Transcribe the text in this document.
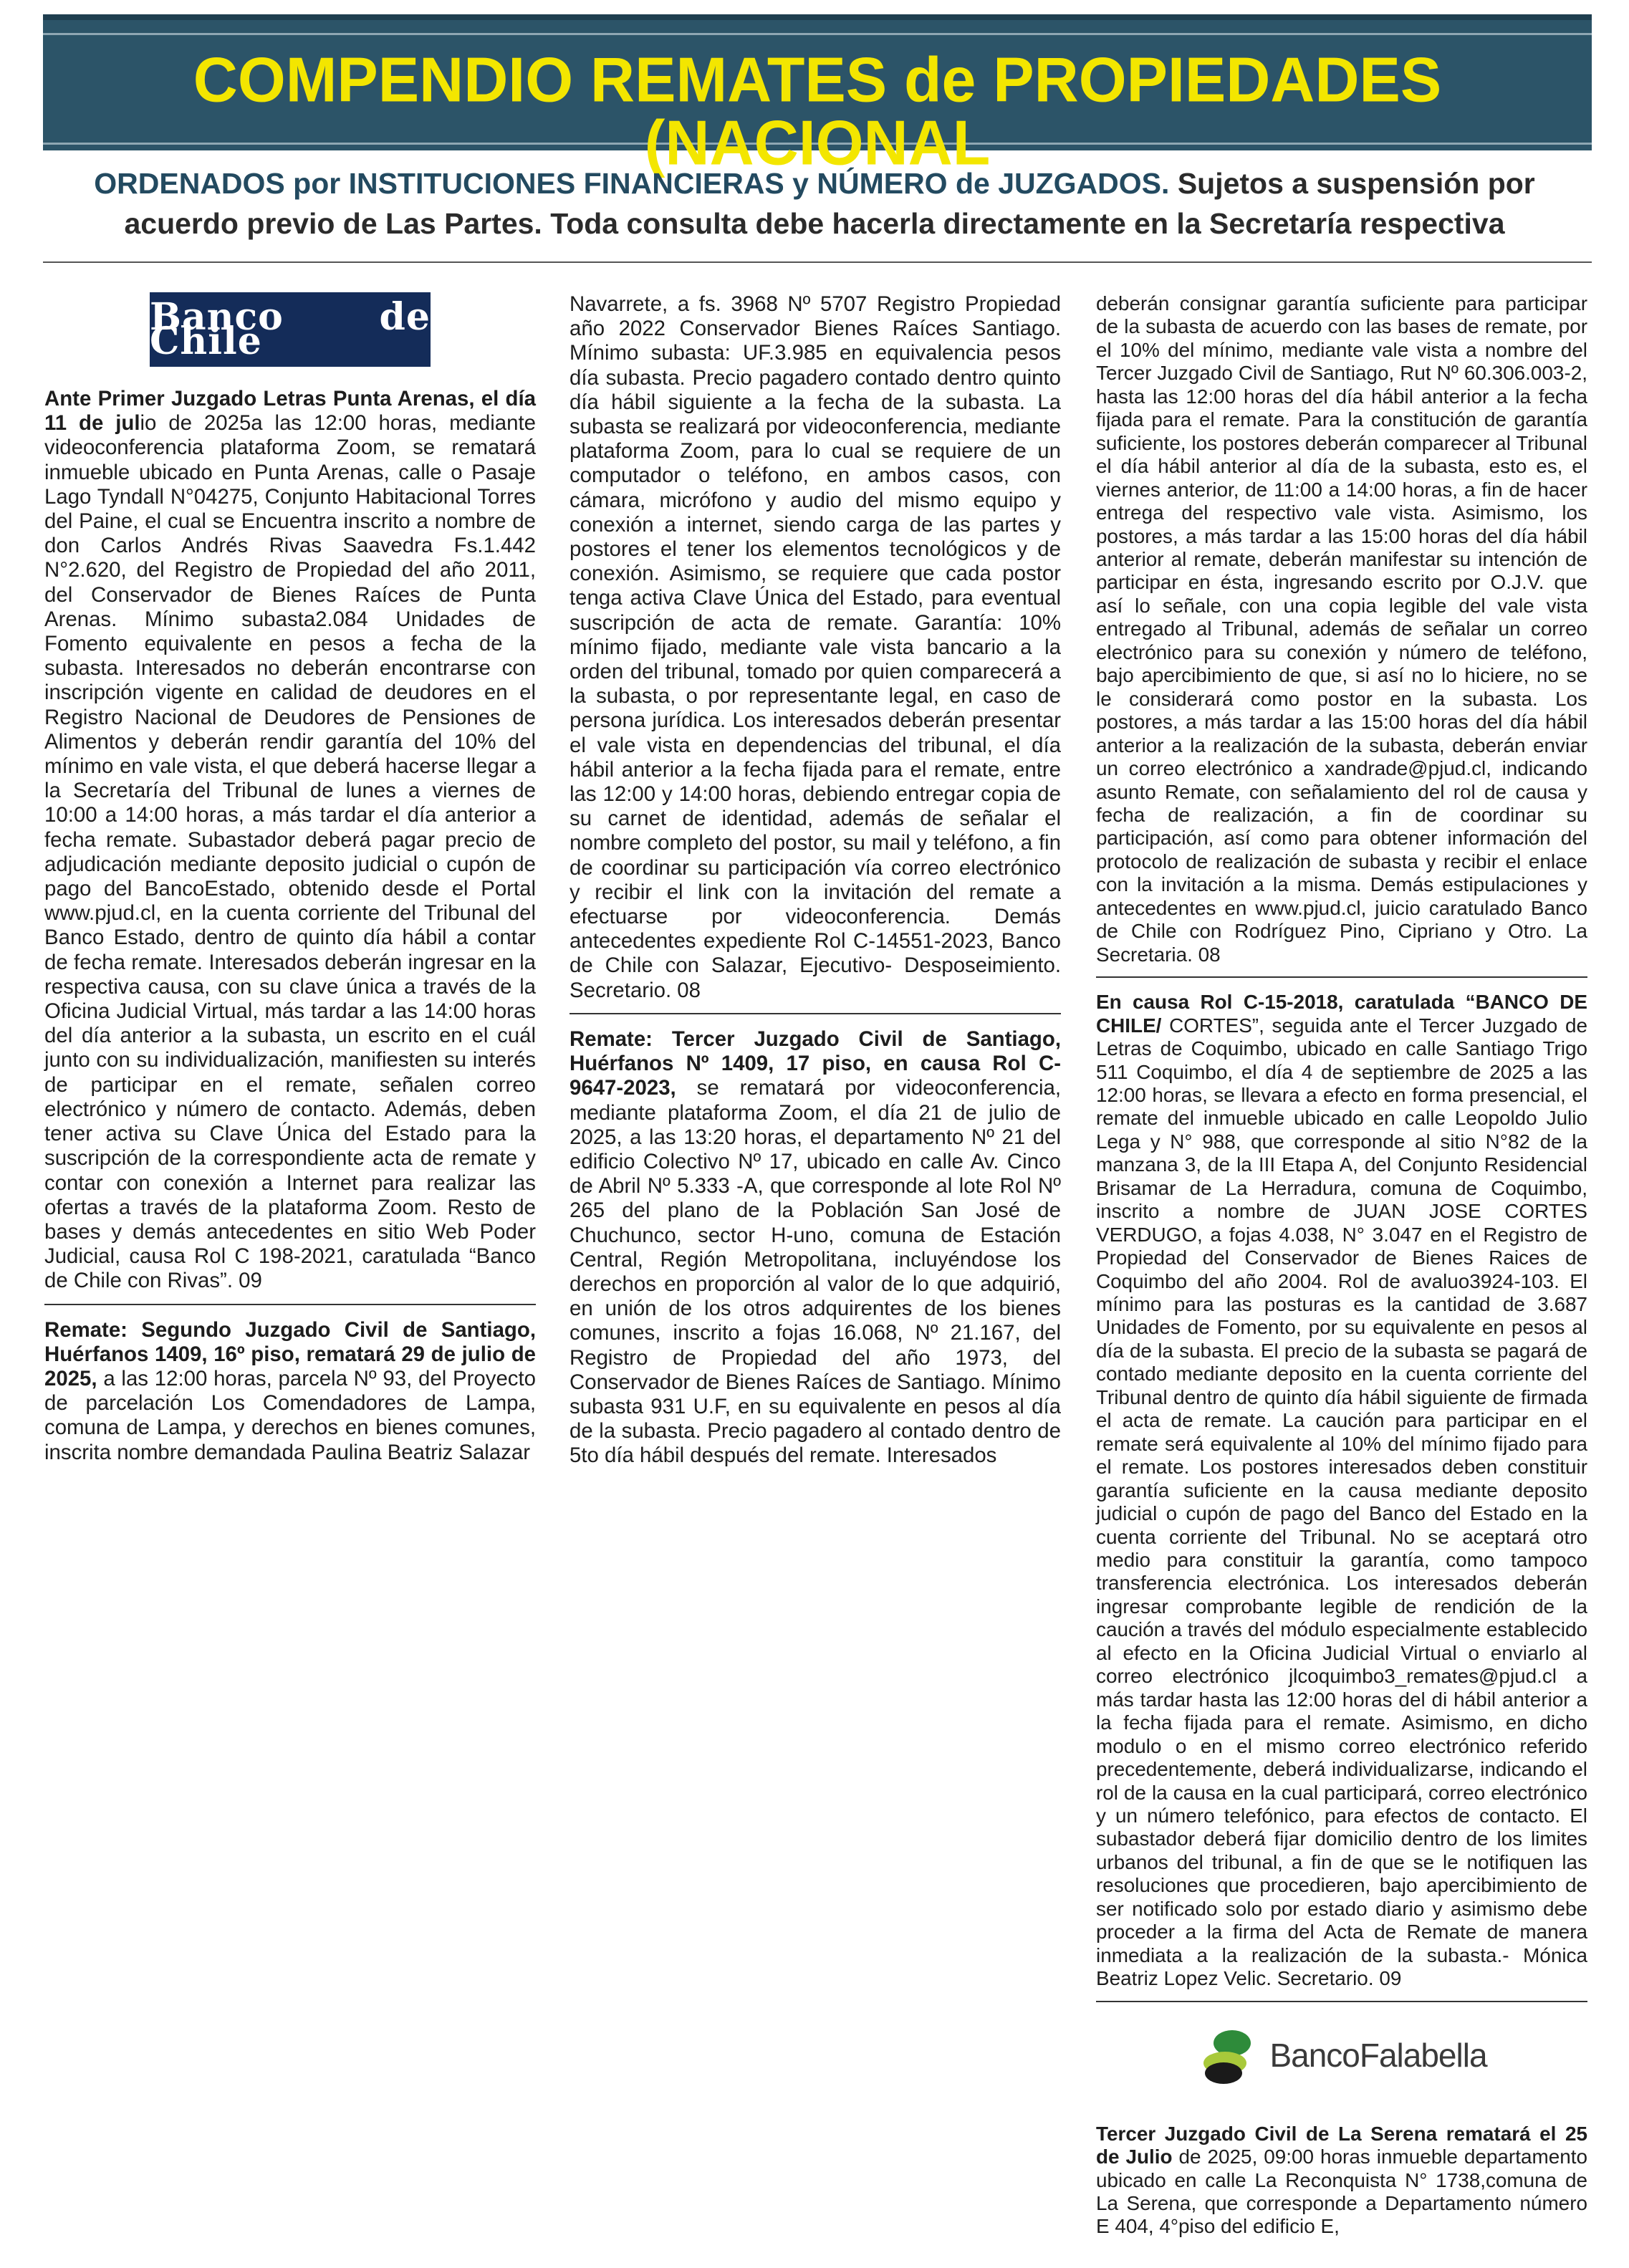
COMPENDIO REMATES de PROPIEDADES (NACIONAL
ORDENADOS por INSTITUCIONES FINANCIERAS y NÚMERO de JUZGADOS. Sujetos a suspensión por acuerdo previo de Las Partes. Toda consulta debe hacerla directamente en la Secretaría respectiva
Banco de Chile

Ante Primer Juzgado Letras Punta Arenas, el día 11 de julio de 2025a las 12:00 horas, mediante videoconferencia plataforma Zoom, se rematará inmueble ubicado en Punta Arenas, calle o Pasaje Lago Tyndall N°04275, Conjunto Habitacional Torres del Paine, el cual se Encuentra inscrito a nombre de don Carlos Andrés Rivas Saavedra Fs.1.442 N°2.620, del Registro de Propiedad del año 2011, del Conservador de Bienes Raíces de Punta Arenas. Mínimo subasta2.084 Unidades de Fomento equivalente en pesos a fecha de la subasta. Interesados no deberán encontrarse con inscripción vigente en calidad de deudores en el Registro Nacional de Deudores de Pensiones de Alimentos y deberán rendir garantía del 10% del mínimo en vale vista, el que deberá hacerse llegar a la Secretaría del Tribunal de lunes a viernes de 10:00 a 14:00 horas, a más tardar el día anterior a fecha remate. Subastador deberá pagar precio de adjudicación mediante deposito judicial o cupón de pago del BancoEstado, obtenido desde el Portal www.pjud.cl, en la cuenta corriente del Tribunal del Banco Estado, dentro de quinto día hábil a contar de fecha remate. Interesados deberán ingresar en la respectiva causa, con su clave única a través de la Oficina Judicial Virtual, más tardar a las 14:00 horas del día anterior a la subasta, un escrito en el cuál junto con su individualización, manifiesten su interés de participar en el remate, señalen correo electrónico y número de contacto. Además, deben tener activa su Clave Única del Estado para la suscripción de la correspondiente acta de remate y contar con conexión a Internet para realizar las ofertas a través de la plataforma Zoom. Resto de bases y demás antecedentes en sitio Web Poder Judicial, causa Rol C 198-2021, caratulada “Banco de Chile con Rivas”. 09

Remate: Segundo Juzgado Civil de Santiago, Huérfanos 1409, 16º piso, rematará 29 de julio de 2025, a las 12:00 horas, parcela Nº 93, del Proyecto de parcelación Los Comendadores de Lampa, comuna de Lampa, y derechos en bienes comunes, inscrita nombre demandada Paulina Beatriz Salazar

Navarrete, a fs. 3968 Nº 5707 Registro Propiedad año 2022 Conservador Bienes Raíces Santiago. Mínimo subasta: UF.3.985 en equivalencia pesos día subasta. Precio pagadero contado dentro quinto día hábil siguiente a la fecha de la subasta. La subasta se realizará por videoconferencia, mediante plataforma Zoom, para lo cual se requiere de un computador o teléfono, en ambos casos, con cámara, micrófono y audio del mismo equipo y conexión a internet, siendo carga de las partes y postores el tener los elementos tecnológicos y de conexión. Asimismo, se requiere que cada postor tenga activa Clave Única del Estado, para eventual suscripción de acta de remate. Garantía: 10% mínimo fijado, mediante vale vista bancario a la orden del tribunal, tomado por quien comparecerá a la subasta, o por representante legal, en caso de persona jurídica. Los interesados deberán presentar el vale vista en dependencias del tribunal, el día hábil anterior a la fecha fijada para el remate, entre las 12:00 y 14:00 horas, debiendo entregar copia de su carnet de identidad, además de señalar el nombre completo del postor, su mail y teléfono, a fin de coordinar su participación vía correo electrónico y recibir el link con la invitación del remate a efectuarse por videoconferencia. Demás antecedentes expediente Rol C-14551-2023, Banco de Chile con Salazar, Ejecutivo- Desposeimiento. Secretario. 08

Remate: Tercer Juzgado Civil de Santiago, Huérfanos Nº 1409, 17 piso, en causa Rol C-9647-2023, se rematará por videoconferencia, mediante plataforma Zoom, el día 21 de julio de 2025, a las 13:20 horas, el departamento Nº 21 del edificio Colectivo Nº 17, ubicado en calle Av. Cinco de Abril Nº 5.333 -A, que corresponde al lote Rol Nº 265 del plano de la Población San José de Chuchunco, sector H-uno, comuna de Estación Central, Región Metropolitana, incluyéndose los derechos en proporción al valor de lo que adquirió, en unión de los otros adquirentes de los bienes comunes, inscrito a fojas 16.068, Nº 21.167, del Registro de Propiedad del año 1973, del Conservador de Bienes Raíces de Santiago. Mínimo subasta 931 U.F, en su equivalente en pesos al día de la subasta. Precio pagadero al contado dentro de 5to día hábil después del remate. Interesados

deberán consignar garantía suficiente para participar de la subasta de acuerdo con las bases de remate, por el 10% del mínimo, mediante vale vista a nombre del Tercer Juzgado Civil de Santiago, Rut Nº 60.306.003-2, hasta las 12:00 horas del día hábil anterior a la fecha fijada para el remate. Para la constitución de garantía suficiente, los postores deberán comparecer al Tribunal el día hábil anterior al día de la subasta, esto es, el viernes anterior, de 11:00 a 14:00 horas, a fin de hacer entrega del respectivo vale vista. Asimismo, los postores, a más tardar a las 15:00 horas del día hábil anterior al remate, deberán manifestar su intención de participar en ésta, ingresando escrito por O.J.V. que así lo señale, con una copia legible del vale vista entregado al Tribunal, además de señalar un correo electrónico para su conexión y número de teléfono, bajo apercibimiento de que, si así no lo hiciere, no se le considerará como postor en la subasta. Los postores, a más tardar a las 15:00 horas del día hábil anterior a la realización de la subasta, deberán enviar un correo electrónico a xandrade@pjud.cl, indicando asunto Remate, con señalamiento del rol de causa y fecha de realización, a fin de coordinar su participación, así como para obtener información del protocolo de realización de subasta y recibir el enlace con la invitación a la misma. Demás estipulaciones y antecedentes en www.pjud.cl, juicio caratulado Banco de Chile con Rodríguez Pino, Cipriano y Otro. La Secretaria. 08

En causa Rol C-15-2018, caratulada “BANCO DE CHILE/ CORTES”, seguida ante el Tercer Juzgado de Letras de Coquimbo, ubicado en calle Santiago Trigo 511 Coquimbo, el día 4 de septiembre de 2025 a las 12:00 horas, se llevara a efecto en forma presencial, el remate del inmueble ubicado en calle Leopoldo Julio Lega y N° 988, que corresponde al sitio N°82 de la manzana 3, de la III Etapa A, del Conjunto Residencial Brisamar de La Herradura, comuna de Coquimbo, inscrito a nombre de JUAN JOSE CORTES VERDUGO, a fojas 4.038, N° 3.047 en el Registro de Propiedad del Conservador de Bienes Raices de Coquimbo del año 2004. Rol de avaluo3924-103. El mínimo para las posturas es la cantidad de 3.687 Unidades de Fomento, por su equivalente en pesos al día de la subasta. El precio de la subasta se pagará de contado mediante deposito en la cuenta corriente del Tribunal dentro de quinto día hábil siguiente de firmada el acta de remate. La caución para participar en el remate será equivalente al 10% del mínimo fijado para el remate. Los postores interesados deben constituir garantía suficiente en la causa mediante deposito judicial o cupón de pago del Banco del Estado en la cuenta corriente del Tribunal. No se aceptará otro medio para constituir la garantía, como tampoco transferencia electrónica. Los interesados deberán ingresar comprobante legible de rendición de la caución a través del módulo especialmente establecido al efecto en la Oficina Judicial Virtual o enviarlo al correo electrónico jlcoquimbo3_remates@pjud.cl a más tardar hasta las 12:00 horas del di hábil anterior a la fecha fijada para el remate. Asimismo, en dicho modulo o en el mismo correo electrónico referido precedentemente, deberá individualizarse, indicando el rol de la causa en la cual participará, correo electrónico y un número telefónico, para efectos de contacto. El subastador deberá fijar domicilio dentro de los limites urbanos del tribunal, a fin de que se le notifiquen las resoluciones que procedieren, bajo apercibimiento de ser notificado solo por estado diario y asimismo debe proceder a la firma del Acta de Remate de manera inmediata a la realización de la subasta.- Mónica Beatriz Lopez Velic. Secretario. 09

BancoFalabella

Tercer Juzgado Civil de La Serena rematará el 25 de Julio de 2025, 09:00 horas inmueble departamento ubicado en calle La Reconquista N° 1738,comuna de La Serena, que corresponde a Departamento número E 404, 4°piso del edificio E,
